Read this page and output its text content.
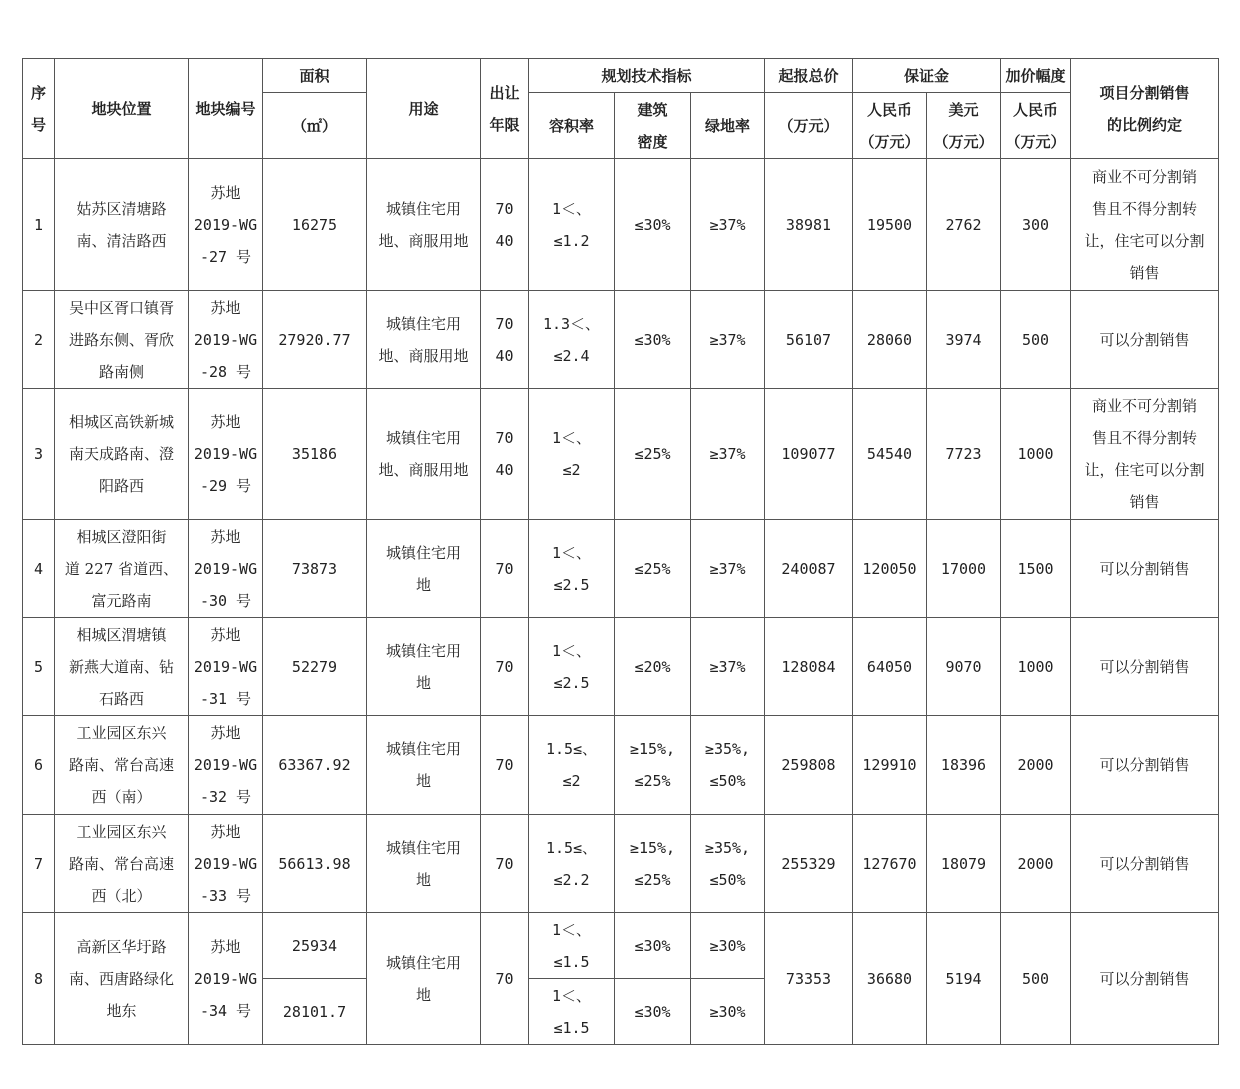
序
号	地块位置	地块编号	面积	用途	出让
年限	规划技术指标			起报总价	保证金		加价幅度	项目分割销售
的比例约定
			（㎡）			容积率	建筑
密度	绿地率	（万元）	人民币
（万元）	美元
（万元）	人民币
（万元）	
1	姑苏区清塘路
南、清洁路西	苏地
2019-WG
-27 号	16275	城镇住宅用
地、商服用地	70
40	1＜、
≤1.2	≤30%	≥37%	38981	19500	2762	300	商业不可分割销
售且不得分割转
让，住宅可以分割
销售
2	吴中区胥口镇胥
进路东侧、胥欣
路南侧	苏地
2019-WG
-28 号	27920.77	城镇住宅用
地、商服用地	70
40	1.3＜、
≤2.4	≤30%	≥37%	56107	28060	3974	500	可以分割销售
3	相城区高铁新城
南天成路南、澄
阳路西	苏地
2019-WG
-29 号	35186	城镇住宅用
地、商服用地	70
40	1＜、
≤2	≤25%	≥37%	109077	54540	7723	1000	商业不可分割销
售且不得分割转
让，住宅可以分割
销售
4	相城区澄阳街
道 227 省道西、
富元路南	苏地
2019-WG
-30 号	73873	城镇住宅用
地	70	1＜、
≤2.5	≤25%	≥37%	240087	120050	17000	1500	可以分割销售
5	相城区渭塘镇
新燕大道南、钻
石路西	苏地
2019-WG
-31 号	52279	城镇住宅用
地	70	1＜、
≤2.5	≤20%	≥37%	128084	64050	9070	1000	可以分割销售
6	工业园区东兴
路南、常台高速
西（南）	苏地
2019-WG
-32 号	63367.92	城镇住宅用
地	70	1.5≤、
≤2	≥15%,
≤25%	≥35%,
≤50%	259808	129910	18396	2000	可以分割销售
7	工业园区东兴
路南、常台高速
西（北）	苏地
2019-WG
-33 号	56613.98	城镇住宅用
地	70	1.5≤、
≤2.2	≥15%,
≤25%	≥35%,
≤50%	255329	127670	18079	2000	可以分割销售
8	高新区华圩路
南、西唐路绿化
地东	苏地
2019-WG
-34 号	25934	城镇住宅用
地	70	1＜、
≤1.5	≤30%	≥30%	73353	36680	5194	500	可以分割销售
			28101.7			1＜、
≤1.5	≤30%	≥30%					
